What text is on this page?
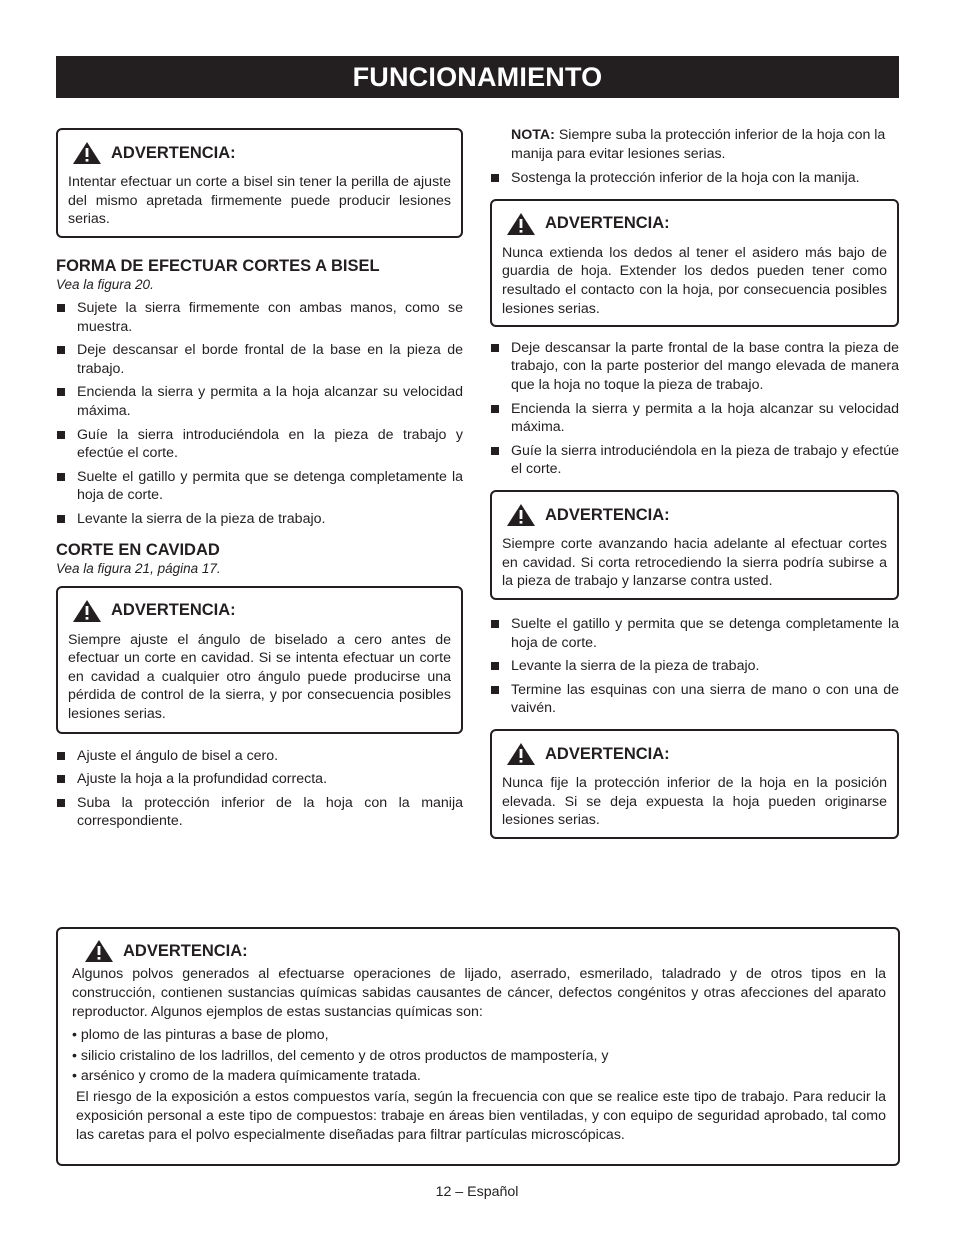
FUNCIONAMIENTO
ADVERTENCIA:
Intentar efectuar un corte a bisel sin tener la perilla de ajuste del mismo apretada firmemente puede producir lesiones serias.
FORMA DE EFECTUAR CORTES A BISEL
Vea la figura 20.
Sujete la sierra firmemente con ambas manos, como se muestra.
Deje descansar el borde frontal de la base en la pieza de trabajo.
Encienda la sierra y permita a la hoja alcanzar su velocidad máxima.
Guíe la sierra introduciéndola en la pieza de trabajo y efectúe el corte.
Suelte el gatillo y permita que se detenga completamente la hoja de corte.
Levante la sierra de la pieza de trabajo.
CORTE EN CAVIDAD
Vea la figura 21, página 17.
ADVERTENCIA:
Siempre ajuste el ángulo de biselado a cero antes de efectuar un corte en cavidad. Si se intenta efectuar un corte en cavidad a cualquier otro ángulo puede producirse una pérdida de control de la sierra, y por consecuencia posibles lesiones serias.
Ajuste el ángulo de bisel a cero.
Ajuste la hoja a la profundidad correcta.
Suba la protección inferior de la hoja con la manija correspondiente.
NOTA: Siempre suba la protección inferior de la hoja con la manija para evitar lesiones serias.
Sostenga la protección inferior de la hoja con la manija.
ADVERTENCIA:
Nunca extienda los dedos al tener el asidero más bajo de guardia de hoja. Extender los dedos pueden tener como resultado el contacto con la hoja, por consecuencia posibles lesiones serias.
Deje descansar la parte frontal de la base contra la pieza de trabajo, con la parte posterior del mango elevada de manera que la hoja no toque la pieza de trabajo.
Encienda la sierra y permita a la hoja alcanzar su velocidad máxima.
Guíe la sierra introduciéndola en la pieza de trabajo y efectúe el corte.
ADVERTENCIA:
Siempre corte avanzando hacia adelante al efectuar cortes en cavidad. Si corta retrocediendo la sierra podría subirse a la pieza de trabajo y lanzarse contra usted.
Suelte el gatillo y permita que se detenga completamente la hoja de corte.
Levante la sierra de la pieza de trabajo.
Termine las esquinas con una sierra de mano o con una de vaivén.
ADVERTENCIA:
Nunca fije la protección inferior de la hoja en la posición elevada. Si se deja expuesta la hoja pueden originarse lesiones serias.
ADVERTENCIA:
Algunos polvos generados al efectuarse operaciones de lijado, aserrado, esmerilado, taladrado y de otros tipos en la construcción, contienen sustancias químicas sabidas causantes de cáncer, defectos congénitos y otras afecciones del aparato reproductor. Algunos ejemplos de estas sustancias químicas son:
• plomo de las pinturas a base de plomo,
• silicio cristalino de los ladrillos, del cemento y de otros productos de mampostería, y
• arsénico y cromo de la madera químicamente tratada.
El riesgo de la exposición a estos compuestos varía, según la frecuencia con que se realice este tipo de trabajo. Para reducir la exposición personal a este tipo de compuestos: trabaje en áreas bien ventiladas, y con equipo de seguridad aprobado, tal como las caretas para el polvo especialmente diseñadas para filtrar partículas microscópicas.
12 – Español
